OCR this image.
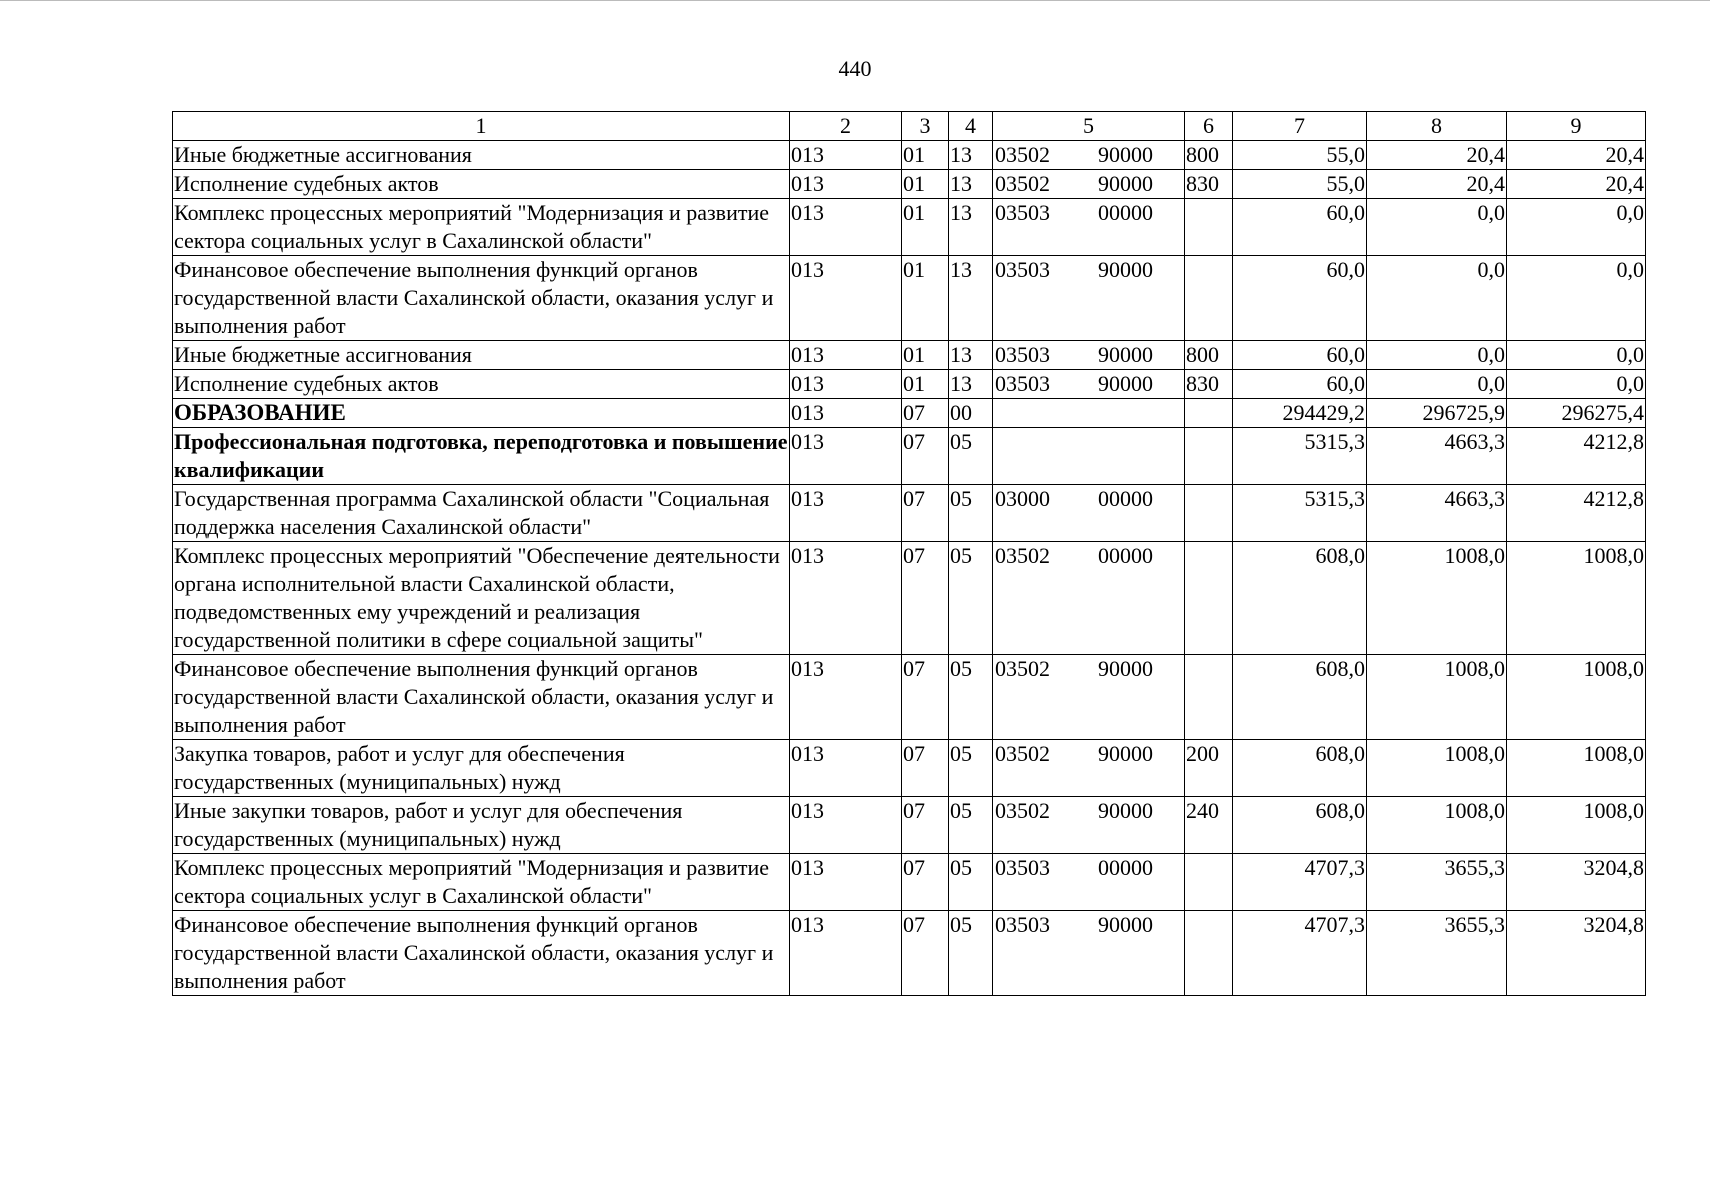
440
1	2	3	4	5	6	7	8	9
Иные бюджетные ассигнования	013	01	13	03502 90000	800	55,0	20,4	20,4
Исполнение судебных актов	013	01	13	03502 90000	830	55,0	20,4	20,4
Комплекс процессных мероприятий "Модернизация и развитие сектора социальных услуг в Сахалинской области"	013	01	13	03503 00000		60,0	0,0	0,0
Финансовое обеспечение выполнения функций органов государственной власти Сахалинской области, оказания услуг и выполнения работ	013	01	13	03503 90000		60,0	0,0	0,0
Иные бюджетные ассигнования	013	01	13	03503 90000	800	60,0	0,0	0,0
Исполнение судебных актов	013	01	13	03503 90000	830	60,0	0,0	0,0
ОБРАЗОВАНИЕ	013	07	00			294429,2	296725,9	296275,4
Профессиональная подготовка, переподготовка и повышение квалификации	013	07	05			5315,3	4663,3	4212,8
Государственная программа Сахалинской области "Социальная поддержка населения Сахалинской области"	013	07	05	03000 00000		5315,3	4663,3	4212,8
Комплекс процессных мероприятий "Обеспечение деятельности органа исполнительной власти Сахалинской области, подведомственных ему учреждений и реализация государственной политики в сфере социальной защиты"	013	07	05	03502 00000		608,0	1008,0	1008,0
Финансовое обеспечение выполнения функций органов государственной власти Сахалинской области, оказания услуг и выполнения работ	013	07	05	03502 90000		608,0	1008,0	1008,0
Закупка товаров, работ и услуг для обеспечения государственных (муниципальных) нужд	013	07	05	03502 90000	200	608,0	1008,0	1008,0
Иные закупки товаров, работ и услуг для обеспечения государственных (муниципальных) нужд	013	07	05	03502 90000	240	608,0	1008,0	1008,0
Комплекс процессных мероприятий "Модернизация и развитие сектора социальных услуг в Сахалинской области"	013	07	05	03503 00000		4707,3	3655,3	3204,8
Финансовое обеспечение выполнения функций органов государственной власти Сахалинской области, оказания услуг и выполнения работ	013	07	05	03503 90000		4707,3	3655,3	3204,8
